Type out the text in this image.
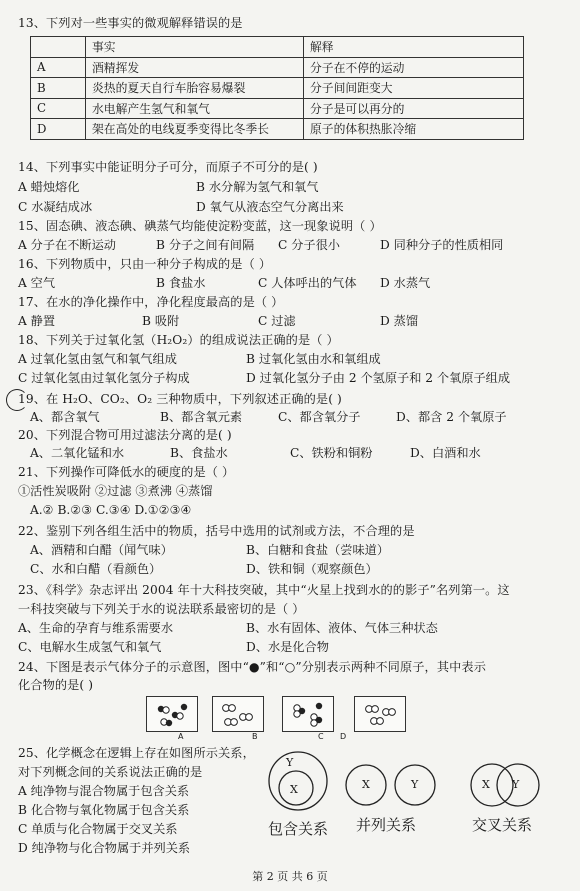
13、下列对一些事实的微观解释错误的是
	事实	解释
A	酒精挥发	分子在不停的运动
B	炎热的夏天自行车胎容易爆裂	分子间间距变大
C	水电解产生氢气和氧气	分子是可以再分的
D	架在高处的电线夏季变得比冬季长	原子的体积热胀冷缩
14、下列事实中能证明分子可分，而原子不可分的是( )
A 蜡烛熔化	B 水分解为氢气和氧气
C 水凝结成冰	D 氧气从液态空气分离出来
15、固态碘、液态碘、碘蒸气均能使淀粉变蓝，这一现象说明（ ）
A 分子在不断运动	B 分子之间有间隔 C 分子很小	D 同种分子的性质相同
16、下列物质中，只由一种分子构成的是（ ）
A 空气	B 食盐水	C 人体呼出的气体 D 水蒸气
17、在水的净化操作中，净化程度最高的是（ ）
A 静置	B 吸附	C 过滤	D 蒸馏
18、下列关于过氧化氢（H₂O₂）的组成说法正确的是（ ）
A 过氧化氢由氢气和氧气组成	B 过氧化氢由水和氧组成
C 过氧化氢由过氧化氢分子构成	D 过氧化氢分子由 2 个氢原子和 2 个氧原子组成
19、在 H₂O、CO₂、O₂ 三种物质中，下列叙述正确的是( )
A、都含氧气	B、都含氧元素	C、都含氧分子	D、都含 2 个氧原子
20、下列混合物可用过滤法分离的是( )
A、二氧化锰和水	B、食盐水	C、铁粉和铜粉	D、白酒和水
21、下列操作可降低水的硬度的是（ ）
①活性炭吸附 ②过滤 ③煮沸 ④蒸馏
A.② B.②③ C.③④ D.①②③④
22、鉴别下列各组生活中的物质，括号中选用的试剂或方法，不合理的是
A、酒精和白醋（闻气味）	B、白糖和食盐（尝味道）
C、水和白醋（看颜色）	D、铁和铜（观察颜色）
23、《科学》杂志评出 2004 年十大科技突破，其中“火星上找到水的的影子”名列第一。这
一科技突破与下列关于水的说法联系最密切的是（ ）
A、生命的孕育与维系需要水	B、水有固体、液体、气体三种状态
C、电解水生成氢气和氧气	D、水是化合物
24、下图是表示气体分子的示意图，图中“●”和“○”分别表示两种不同原子，其中表示
化合物的是( )
A	B	C D
25、化学概念在逻辑上存在如图所示关系，
对下列概念间的关系说法正确的是
A 纯净物与混合物属于包含关系
B 化合物与氧化物属于包含关系
C 单质与化合物属于交叉关系
D 纯净物与化合物属于并列关系
Y
X	X	Y	X Y
包含关系 并列关系	交叉关系
第 2 页 共 6 页
